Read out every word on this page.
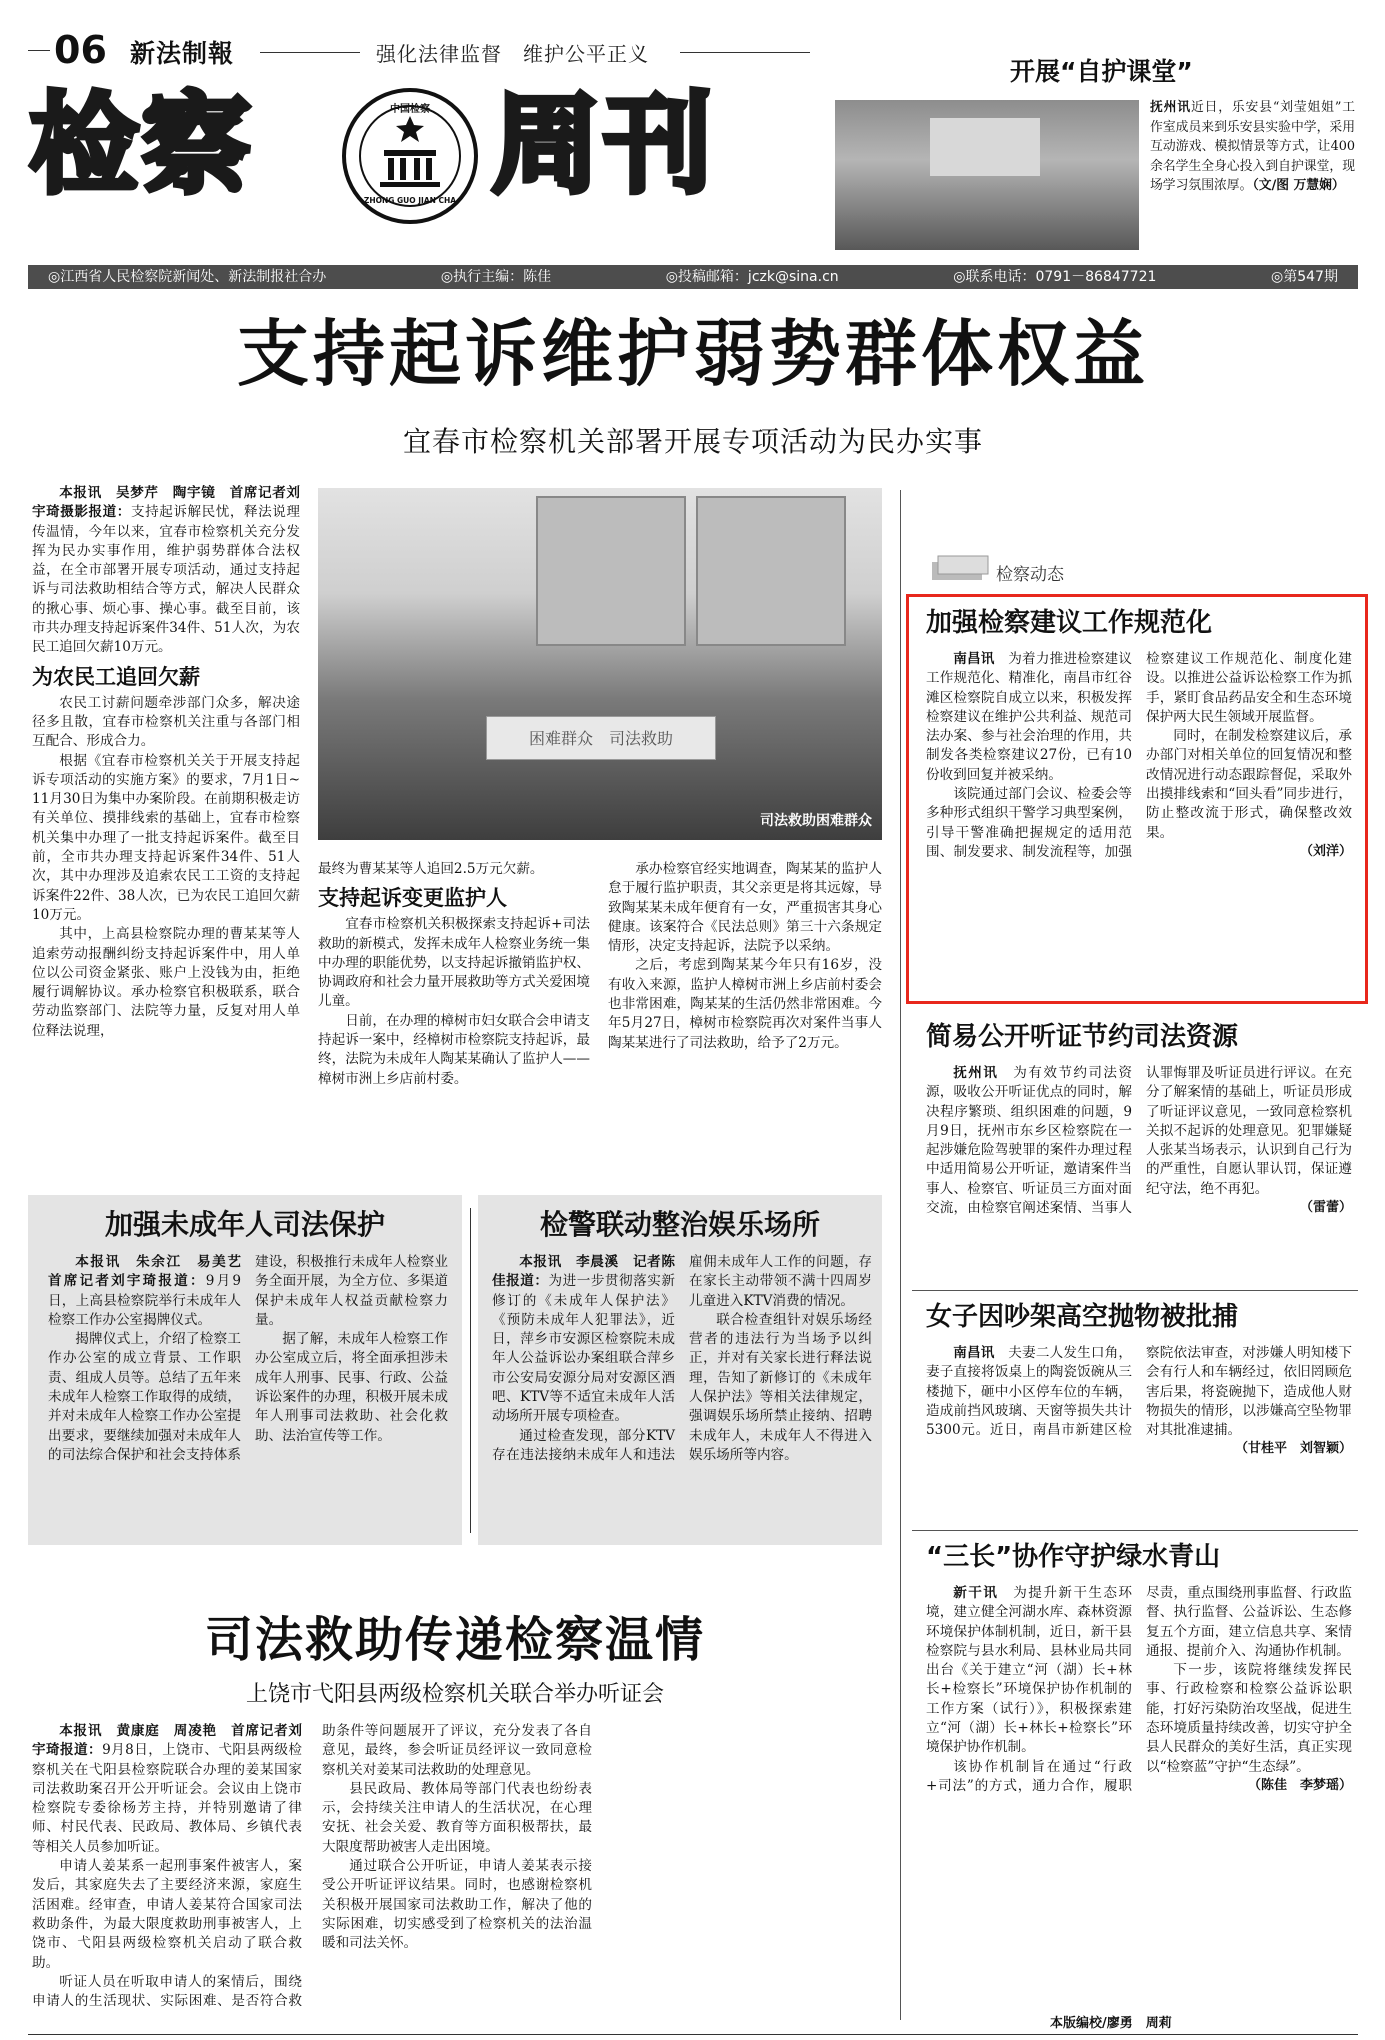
06 新法制報	强化法律监督　维护公平正义
检察	中国检察
ZHONG GUO JIAN CHA 周刊
开展“自护课堂”
抚州讯近日，乐安县“刘莹姐姐”工作室成员来到乐安县实验中学，采用互动游戏、模拟情景等方式，让400余名学生全身心投入到自护课堂，现场学习氛围浓厚。（文/图 万慧娴）
◎江西省人民检察院新闻处、新法制报社合办	◎执行主编：陈佳	◎投稿邮箱：jczk@sina.cn	◎联系电话：0791－86847721	◎第547期
支持起诉维护弱势群体权益
宜春市检察机关部署开展专项活动为民办实事

本报讯　吴梦芹　陶宇镜　首席记者刘宇琦摄影报道：支持起诉解民忧，释法说理传温情，今年以来，宜春市检察机关充分发挥为民办实事作用，维护弱势群体合法权益，在全市部署开展专项活动，通过支持起诉与司法救助相结合等方式，解决人民群众的揪心事、烦心事、操心事。截至目前，该市共办理支持起诉案件34件、51人次，为农民工追回欠薪10万元。

为农民工追回欠薪

农民工讨薪问题牵涉部门众多，解决途径多且散，宜春市检察机关注重与各部门相互配合、形成合力。

根据《宜春市检察机关关于开展支持起诉专项活动的实施方案》的要求，7月1日~11月30日为集中办案阶段。在前期积极走访有关单位、摸排线索的基础上，宜春市检察机关集中办理了一批支持起诉案件。截至目前，全市共办理支持起诉案件34件、51人次，其中办理涉及追索农民工工资的支持起诉案件22件、38人次，已为农民工追回欠薪10万元。

其中，上高县检察院办理的曹某某等人追索劳动报酬纠纷支持起诉案件中，用人单位以公司资金紧张、账户上没钱为由，拒绝履行调解协议。承办检察官积极联系，联合劳动监察部门、法院等力量，反复对用人单位释法说理，

困难群众　司法救助
司法救助困难群众

最终为曹某某等人追回2.5万元欠薪。

支持起诉变更监护人

宜春市检察机关积极探索支持起诉+司法救助的新模式，发挥未成年人检察业务统一集中办理的职能优势，以支持起诉撤销监护权、协调政府和社会力量开展救助等方式关爱困境儿童。

日前，在办理的樟树市妇女联合会申请支持起诉一案中，经樟树市检察院支持起诉，最终，法院为未成年人陶某某确认了监护人——樟树市洲上乡店前村委。

承办检察官经实地调查，陶某某的监护人怠于履行监护职责，其父亲更是将其远嫁，导致陶某某未成年便育有一女，严重损害其身心健康。该案符合《民法总则》第三十六条规定情形，决定支持起诉，法院予以采纳。

之后，考虑到陶某某今年只有16岁，没有收入来源，监护人樟树市洲上乡店前村委会也非常困难，陶某某的生活仍然非常困难。今年5月27日，樟树市检察院再次对案件当事人陶某某进行了司法救助，给予了2万元。

加强未成年人司法保护

本报讯　朱余江　易美艺　首席记者刘宇琦报道：9月9日，上高县检察院举行未成年人检察工作办公室揭牌仪式。

揭牌仪式上，介绍了检察工作办公室的成立背景、工作职责、组成人员等。总结了五年来未成年人检察工作取得的成绩，并对未成年人检察工作办公室提出要求，要继续加强对未成年人的司法综合保护和社会支持体系建设，积极推行未成年人检察业务全面开展，为全方位、多渠道保护未成年人权益贡献检察力量。

据了解，未成年人检察工作办公室成立后，将全面承担涉未成年人刑事、民事、行政、公益诉讼案件的办理，积极开展未成年人刑事司法救助、社会化救助、法治宣传等工作。

检警联动整治娱乐场所

本报讯　李晨溪　记者陈佳报道：为进一步贯彻落实新修订的《未成年人保护法》《预防未成年人犯罪法》，近日，萍乡市安源区检察院未成年人公益诉讼办案组联合萍乡市公安局安源分局对安源区酒吧、KTV等不适宜未成年人活动场所开展专项检查。

通过检查发现，部分KTV存在违法接纳未成年人和违法雇佣未成年人工作的问题，存在家长主动带领不满十四周岁儿童进入KTV消费的情况。

联合检查组针对娱乐场经营者的违法行为当场予以纠正，并对有关家长进行释法说理，告知了新修订的《未成年人保护法》等相关法律规定，强调娱乐场所禁止接纳、招聘未成年人，未成年人不得进入娱乐场所等内容。

司法救助传递检察温情
上饶市弋阳县两级检察机关联合举办听证会

本报讯　黄康庭　周凌艳　首席记者刘宇琦报道：9月8日，上饶市、弋阳县两级检察机关在弋阳县检察院联合办理的姜某国家司法救助案召开公开听证会。会议由上饶市检察院专委徐杨芳主持，并特别邀请了律师、村民代表、民政局、教体局、乡镇代表等相关人员参加听证。

申请人姜某系一起刑事案件被害人，案发后，其家庭失去了主要经济来源，家庭生活困难。经审查，申请人姜某符合国家司法救助条件，为最大限度救助刑事被害人，上饶市、弋阳县两级检察机关启动了联合救助。

听证人员在听取申请人的案情后，围绕申请人的生活现状、实际困难、是否符合救助条件等问题展开了评议，充分发表了各自意见，最终，参会听证员经评议一致同意检察机关对姜某司法救助的处理意见。

县民政局、教体局等部门代表也纷纷表示，会持续关注申请人的生活状况，在心理安抚、社会关爱、教育等方面积极帮扶，最大限度帮助被害人走出困境。

通过联合公开听证，申请人姜某表示接受公开听证评议结果。同时，也感谢检察机关积极开展国家司法救助工作，解决了他的实际困难，切实感受到了检察机关的法治温暖和司法关怀。

检察动态
加强检察建议工作规范化

南昌讯　 为着力推进检察建议工作规范化、精准化，南昌市红谷滩区检察院自成立以来，积极发挥检察建议在维护公共利益、规范司法办案、参与社会治理的作用，共制发各类检察建议27份，已有10份收到回复并被采纳。

该院通过部门会议、检委会等多种形式组织干警学习典型案例，引导干警准确把握规定的适用范围、制发要求、制发流程等，加强检察建议工作规范化、制度化建设。以推进公益诉讼检察工作为抓手，紧盯食品药品安全和生态环境保护两大民生领域开展监督。

同时，在制发检察建议后，承办部门对相关单位的回复情况和整改情况进行动态跟踪督促，采取外出摸排线索和“回头看”同步进行，防止整改流于形式，确保整改效果。

（刘洋）
简易公开听证节约司法资源

抚州讯　 为有效节约司法资源，吸收公开听证优点的同时，解决程序繁琐、组织困难的问题，9月9日，抚州市东乡区检察院在一起涉嫌危险驾驶罪的案件办理过程中适用简易公开听证，邀请案件当事人、检察官、听证员三方面对面交流，由检察官阐述案情、当事人认罪悔罪及听证员进行评议。在充分了解案情的基础上，听证员形成了听证评议意见，一致同意检察机关拟不起诉的处理意见。犯罪嫌疑人张某当场表示，认识到自己行为的严重性，自愿认罪认罚，保证遵纪守法，绝不再犯。

（雷蕾）
女子因吵架高空抛物被批捕

南昌讯　 夫妻二人发生口角，妻子直接将饭桌上的陶瓷饭碗从三楼抛下，砸中小区停车位的车辆，造成前挡风玻璃、天窗等损失共计5300元。近日，南昌市新建区检察院依法审查，对涉嫌人明知楼下会有行人和车辆经过，依旧罔顾危害后果，将瓷碗抛下，造成他人财物损失的情形，以涉嫌高空坠物罪对其批准逮捕。

（甘桂平　刘智颖）
“三长”协作守护绿水青山

新干讯　 为提升新干生态环境，建立健全河湖水库、森林资源环境保护体制机制，近日，新干县检察院与县水利局、县林业局共同出台《关于建立“河（湖）长+林长+检察长”环境保护协作机制的工作方案（试行）》，积极探索建立“河（湖）长+林长+检察长”环境保护协作机制。

该协作机制旨在通过“行政+司法”的方式，通力合作，履职尽责，重点围绕刑事监督、行政监督、执行监督、公益诉讼、生态修复五个方面，建立信息共享、案情通报、提前介入、沟通协作机制。

下一步，该院将继续发挥民事、行政检察和检察公益诉讼职能，打好污染防治攻坚战，促进生态环境质量持续改善，切实守护全县人民群众的美好生活，真正实现以“检察蓝”守护“生态绿”。

（陈佳　李梦瑶）
本版编校/廖勇　周莉
